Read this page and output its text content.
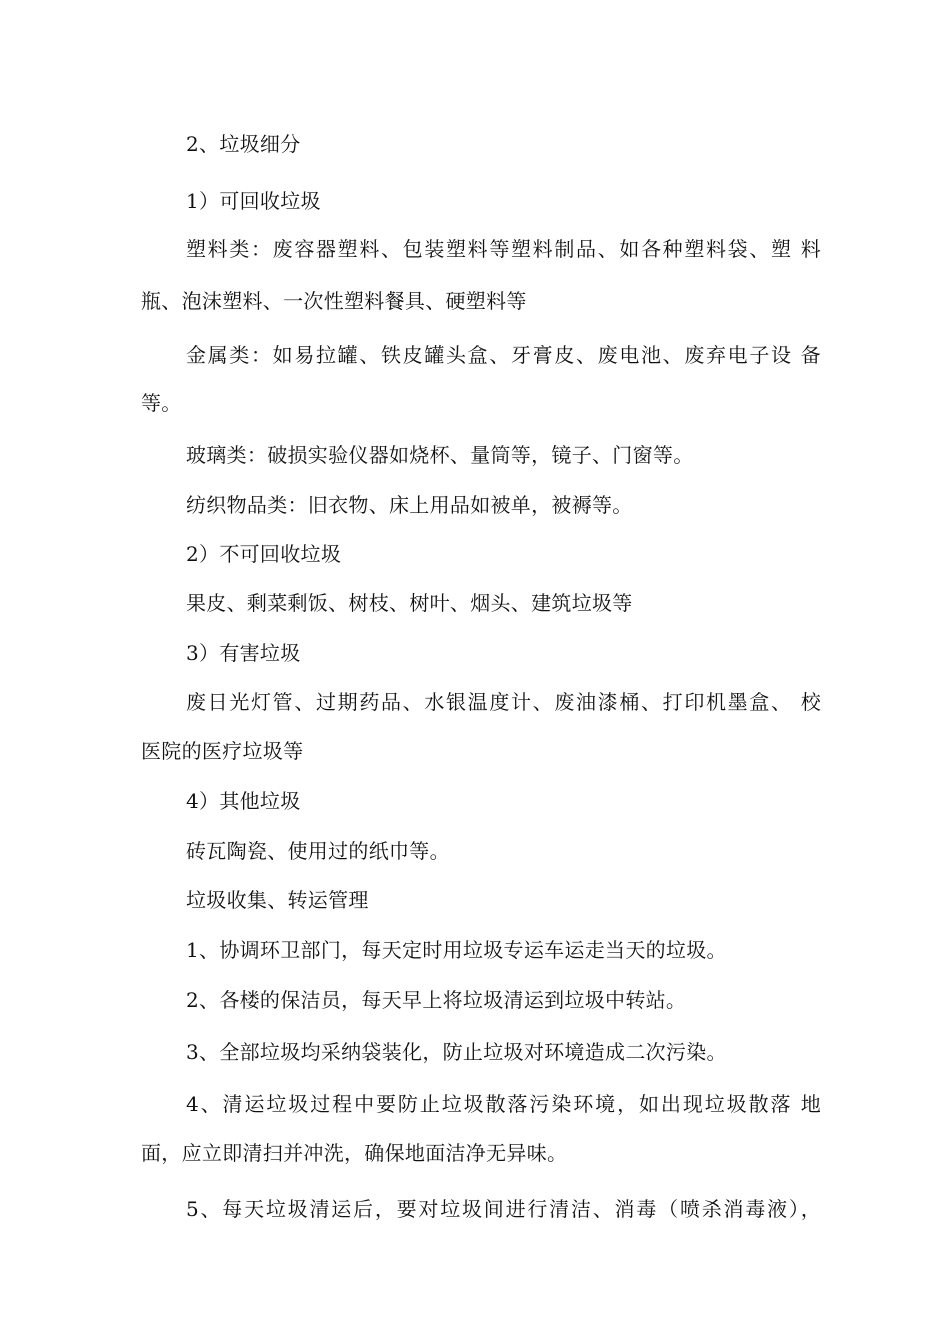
2、垃圾细分
1）可回收垃圾
塑料类：废容器塑料、包装塑料等塑料制品、如各种塑料袋、塑 料
瓶、泡沫塑料、一次性塑料餐具、硬塑料等
金属类：如易拉罐、铁皮罐头盒、牙膏皮、废电池、废弃电子设 备
等。
玻璃类：破损实验仪器如烧杯、量筒等，镜子、门窗等。
纺织物品类：旧衣物、床上用品如被单，被褥等。
2）不可回收垃圾
果皮、剩菜剩饭、树枝、树叶、烟头、建筑垃圾等
3）有害垃圾
废日光灯管、过期药品、水银温度计、废油漆桶、打印机墨盒、 校
医院的医疗垃圾等
4）其他垃圾
砖瓦陶瓷、使用过的纸巾等。
垃圾收集、转运管理
1、协调环卫部门，每天定时用垃圾专运车运走当天的垃圾。
2、各楼的保洁员，每天早上将垃圾清运到垃圾中转站。
3、全部垃圾均采纳袋装化，防止垃圾对环境造成二次污染。
4、清运垃圾过程中要防止垃圾散落污染环境，如出现垃圾散落 地
面，应立即清扫并冲洗，确保地面洁净无异味。
5、每天垃圾清运后，要对垃圾间进行清洁、消毒（喷杀消毒液），
